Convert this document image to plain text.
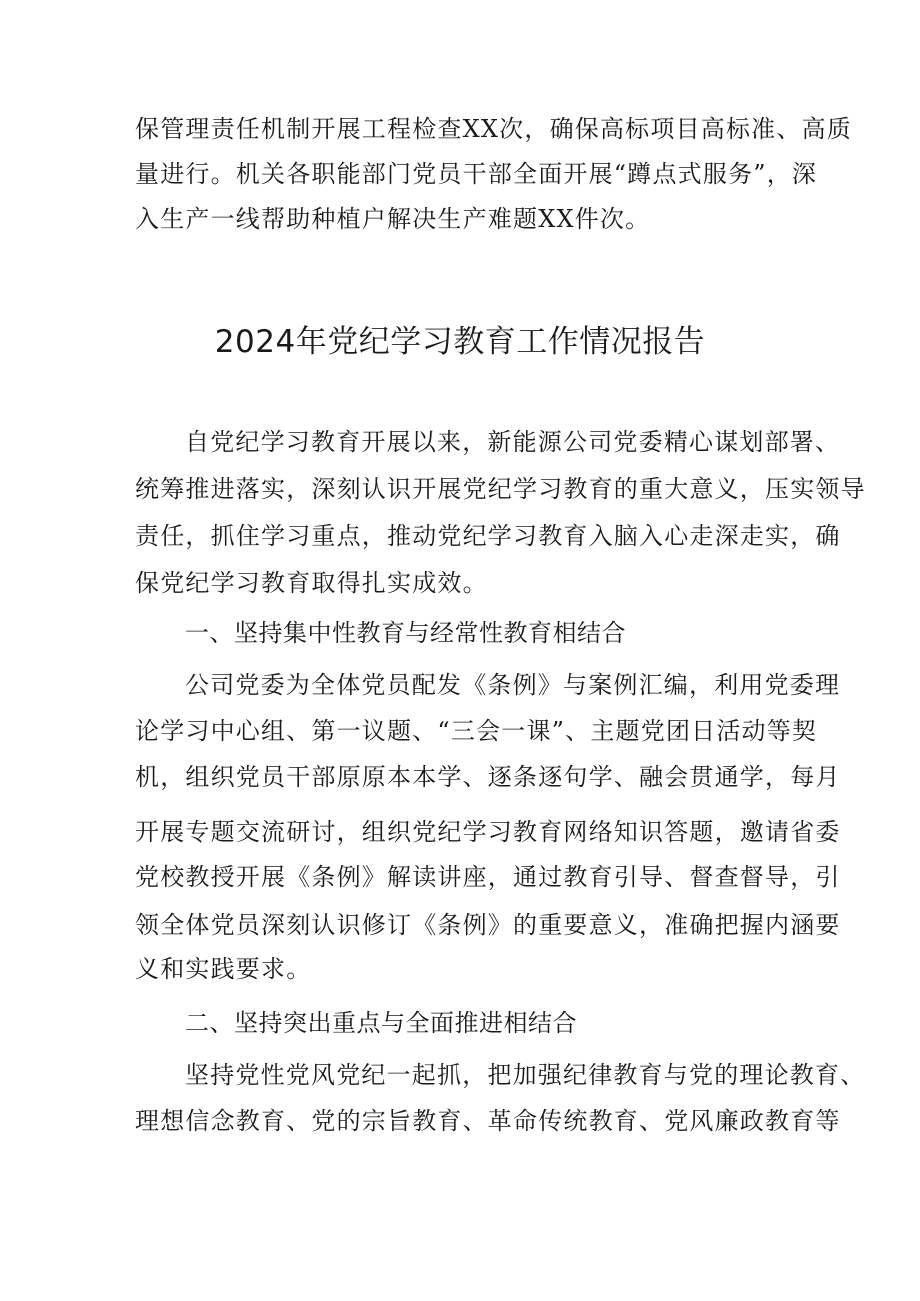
保管理责任机制开展工程检查XX次，确保高标项目高标准、高质
量进行。机关各职能部门党员干部全面开展“蹲点式服务”，深
入生产一线帮助种植户解决生产难题XX件次。
2024年党纪学习教育工作情况报告
自党纪学习教育开展以来，新能源公司党委精心谋划部署、
统筹推进落实，深刻认识开展党纪学习教育的重大意义，压实领导
责任，抓住学习重点，推动党纪学习教育入脑入心走深走实，确
保党纪学习教育取得扎实成效。
一、坚持集中性教育与经常性教育相结合
公司党委为全体党员配发《条例》与案例汇编，利用党委理
论学习中心组、第一议题、“三会一课”、主题党团日活动等契
机，组织党员干部原原本本学、逐条逐句学、融会贯通学，每月
开展专题交流研讨，组织党纪学习教育网络知识答题，邀请省委
党校教授开展《条例》解读讲座，通过教育引导、督查督导，引
领全体党员深刻认识修订《条例》的重要意义，准确把握内涵要
义和实践要求。
二、坚持突出重点与全面推进相结合
坚持党性党风党纪一起抓，把加强纪律教育与党的理论教育、
理想信念教育、党的宗旨教育、革命传统教育、党风廉政教育等
